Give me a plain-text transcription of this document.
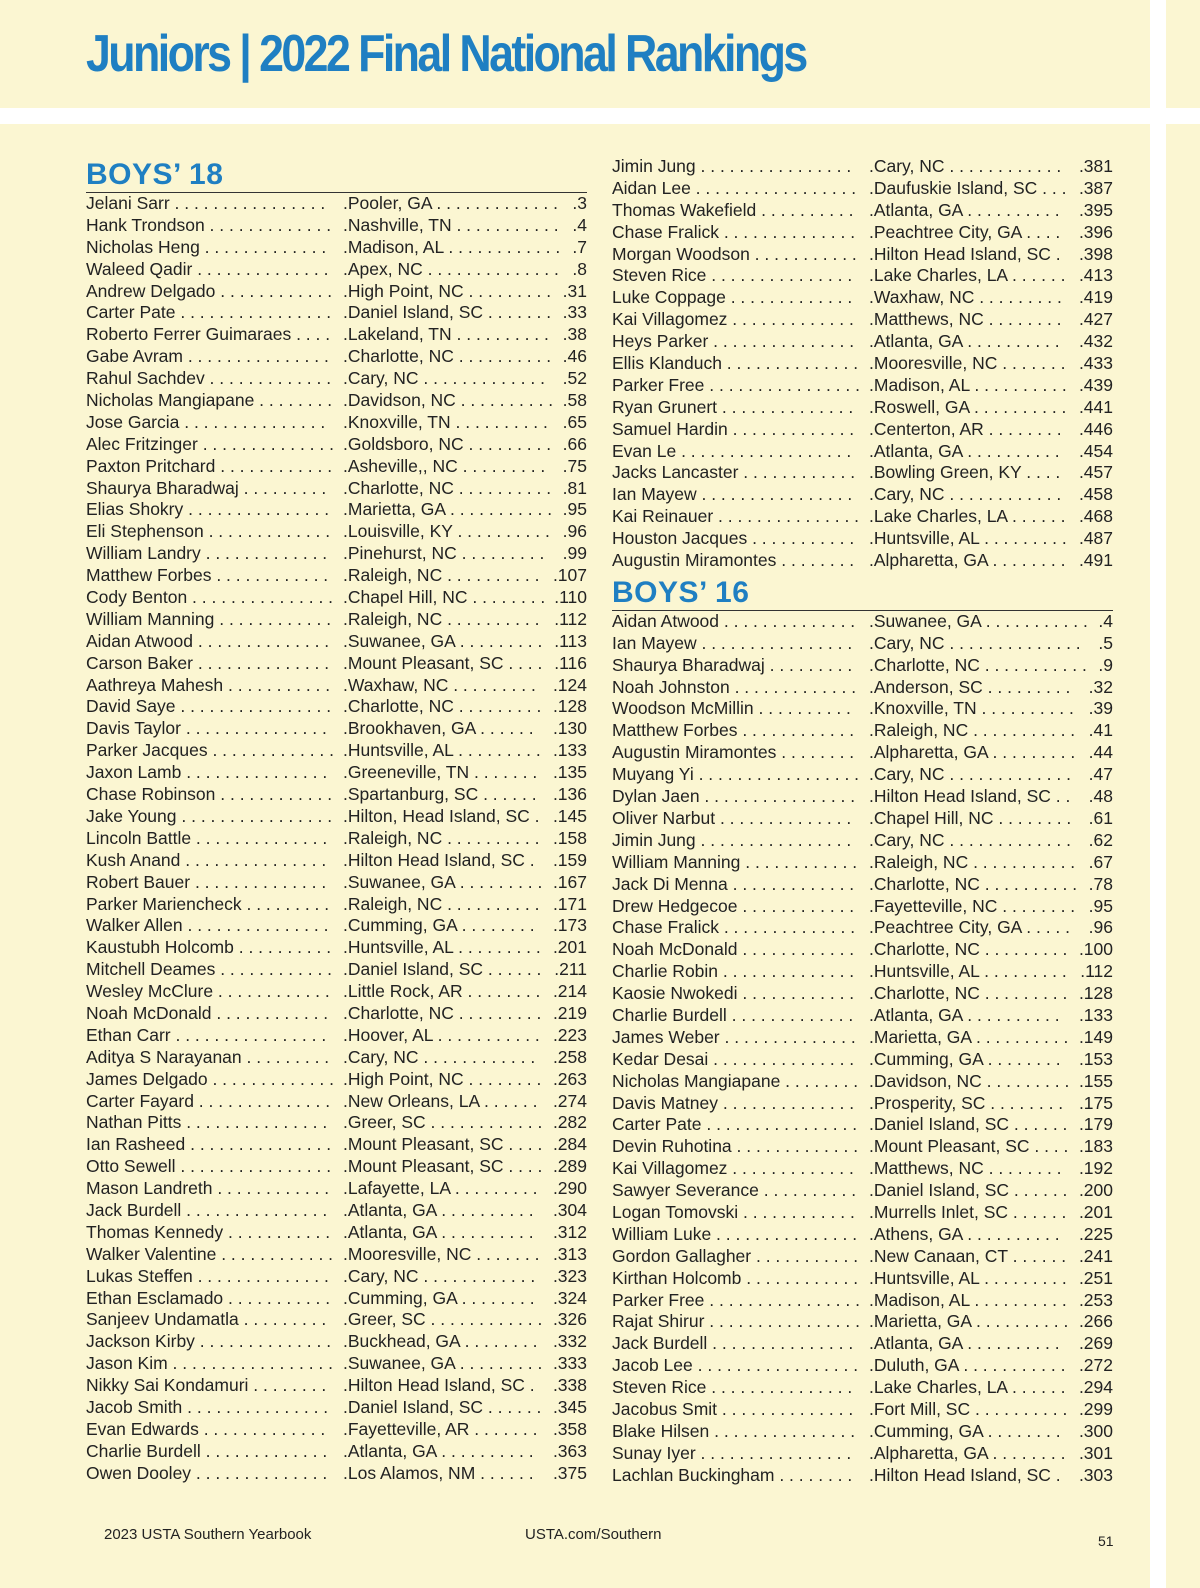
Juniors | 2022 Final National Rankings
BOYS’ 18
Jelani Sarr . . . . . . . . . . . . . . . .	.Pooler, GA . . . . . . . . . . . . . .3
Hank Trondson . . . . . . . . . . . . . .Nashville, TN . . . . . . . . . . . .4
Nicholas Heng . . . . . . . . . . . . . .Madison, AL . . . . . . . . . . . . .7
Waleed Qadir . . . . . . . . . . . . . . .Apex, NC . . . . . . . . . . . . . . .8
Andrew Delgado . . . . . . . . . . . . .High Point, NC . . . . . . . . . .31
Carter Pate . . . . . . . . . . . . . . . . .Daniel Island, SC . . . . . . . .33
Roberto Ferrer Guimaraes . . . . .Lakeland, TN . . . . . . . . . . .38
Gabe Avram . . . . . . . . . . . . . . . .Charlotte, NC . . . . . . . . . . .46
Rahul Sachdev . . . . . . . . . . . . . .Cary, NC . . . . . . . . . . . . .	.52
Nicholas Mangiapane . . . . . . . . .Davidson, NC . . . . . . . . . . .58
Jose Garcia . . . . . . . . . . . . . . .	.Knoxville, TN . . . . . . . . . . .65
Alec Fritzinger . . . . . . . . . . . . . . .Goldsboro, NC . . . . . . . . . .66
Paxton Pritchard . . . . . . . . . . . . .Asheville,, NC . . . . . . . . . .75
Shaurya Bharadwaj . . . . . . . . . .Charlotte, NC . . . . . . . . . . .81
Elias Shokry . . . . . . . . . . . . . . . .Marietta, GA . . . . . . . . . . . .95
Eli Stephenson . . . . . . . . . . . . . .Louisville, KY . . . . . . . . . . .96
William Landry . . . . . . . . . . . . . .Pinehurst, NC . . . . . . . . .	.99
Matthew Forbes . . . . . . . . . . . . .Raleigh, NC . . . . . . . . . . .107
Cody Benton . . . . . . . . . . . . . . . .Chapel Hill, NC . . . . . . . . .110
William Manning . . . . . . . . . . . . .Raleigh, NC . . . . . . . . . . .112
Aidan Atwood . . . . . . . . . . . . . . .Suwanee, GA . . . . . . . . . .113
Carson Baker . . . . . . . . . . . . . . .Mount Pleasant, SC . . . . .116
Aathreya Mahesh . . . . . . . . . . . .Waxhaw, NC . . . . . . . . . .124
David Saye . . . . . . . . . . . . . . . . .Charlotte, NC . . . . . . . . . .128
Davis Taylor . . . . . . . . . . . . . . . .Brookhaven, GA . . . . . .	.130
Parker Jacques . . . . . . . . . . . . . .Huntsville, AL . . . . . . . . . .133
Jaxon Lamb . . . . . . . . . . . . . . . .Greeneville, TN . . . . . . . .135
Chase Robinson . . . . . . . . . . . . .Spartanburg, SC . . . . . . .136
Jake Young . . . . . . . . . . . . . . . . .Hilton, Head Island, SC . .145
Lincoln Battle . . . . . . . . . . . . . . .Raleigh, NC . . . . . . . . . . .158
Kush Anand . . . . . . . . . . . . . . . .Hilton Head Island, SC .	.159
Robert Bauer . . . . . . . . . . . . . . .Suwanee, GA . . . . . . . . . .167
Parker Mariencheck . . . . . . . . . .Raleigh, NC . . . . . . . . . . .171
Walker Allen . . . . . . . . . . . . . . . .Cumming, GA . . . . . . . .	.173
Kaustubh Holcomb . . . . . . . . . . .Huntsville, AL . . . . . . . . . .201
Mitchell Deames . . . . . . . . . . . . .Daniel Island, SC . . . . . . .211
Wesley McClure . . . . . . . . . . . . .Little Rock, AR . . . . . . . . .214
Noah McDonald . . . . . . . . . . . . .Charlotte, NC . . . . . . . . . .219
Ethan Carr . . . . . . . . . . . . . . . . .Hoover, AL . . . . . . . . . . . .223
Aditya S Narayanan . . . . . . . . . .Cary, NC . . . . . . . . . . . .	.258
James Delgado . . . . . . . . . . . . . .High Point, NC . . . . . . . . .263
Carter Fayard . . . . . . . . . . . . . . .New Orleans, LA . . . . . . .274
Nathan Pitts . . . . . . . . . . . . . . . .Greer, SC . . . . . . . . . . . . .282
Ian Rasheed . . . . . . . . . . . . . . . .Mount Pleasant, SC . . . . .284
Otto Sewell . . . . . . . . . . . . . . . . .Mount Pleasant, SC . . . . .289
Mason Landreth . . . . . . . . . . . . .Lafayette, LA . . . . . . . . . .290
Jack Burdell . . . . . . . . . . . . . . . .Atlanta, GA . . . . . . . . . .	.304
Thomas Kennedy . . . . . . . . . . . .Atlanta, GA . . . . . . . . . .	.312
Walker Valentine . . . . . . . . . . . . .Mooresville, NC . . . . . . . .313
Lukas Steffen . . . . . . . . . . . . . . .Cary, NC . . . . . . . . . . . .	.323
Ethan Esclamado . . . . . . . . . . . .Cumming, GA . . . . . . . .	.324
Sanjeev Undamatla . . . . . . . . . .Greer, SC . . . . . . . . . . . . .326
Jackson Kirby . . . . . . . . . . . . . . .Buckhead, GA . . . . . . . . .332
Jason Kim . . . . . . . . . . . . . . . . . .Suwanee, GA . . . . . . . . . .333
Nikky Sai Kondamuri . . . . . . . . .Hilton Head Island, SC .	.338
Jacob Smith . . . . . . . . . . . . . . . .Daniel Island, SC . . . . . . .345
Evan Edwards . . . . . . . . . . . . .	.Fayetteville, AR . . . . . . . .358
Charlie Burdell . . . . . . . . . . . . . .Atlanta, GA . . . . . . . . . .	.363
Owen Dooley . . . . . . . . . . . . . . .Los Alamos, NM . . . . . .	.375
Jimin Jung . . . . . . . . . . . . . . . .	.Cary, NC . . . . . . . . . . . .	.381
Aidan Lee . . . . . . . . . . . . . . . . . .Daufuskie Island, SC . . . .387
Thomas Wakefield . . . . . . . . . . .Atlanta, GA . . . . . . . . . .	.395
Chase Fralick . . . . . . . . . . . . . . .Peachtree City, GA . . . .	.396
Morgan Woodson . . . . . . . . . . . .Hilton Head Island, SC .	.398
Steven Rice . . . . . . . . . . . . . . . .Lake Charles, LA . . . . . . .413
Luke Coppage . . . . . . . . . . . . . .Waxhaw, NC . . . . . . . . . .419
Kai Villagomez . . . . . . . . . . . . . .Matthews, NC . . . . . . . . .427
Heys Parker . . . . . . . . . . . . . . . .Atlanta, GA . . . . . . . . . .	.432
Ellis Klanduch . . . . . . . . . . . . . . .Mooresville, NC . . . . . . . .433
Parker Free . . . . . . . . . . . . . . . . .Madison, AL . . . . . . . . . . .439
Ryan Grunert . . . . . . . . . . . . . . .Roswell, GA . . . . . . . . . . .441
Samuel Hardin . . . . . . . . . . . . . .Centerton, AR . . . . . . . . .446
Evan Le . . . . . . . . . . . . . . . . . .	.Atlanta, GA . . . . . . . . . .	.454
Jacks Lancaster . . . . . . . . . . . . .Bowling Green, KY . . . .	.457
Ian Mayew . . . . . . . . . . . . . . . . .Cary, NC . . . . . . . . . . . .	.458
Kai Reinauer . . . . . . . . . . . . . . . .Lake Charles, LA . . . . . . .468
Houston Jacques . . . . . . . . . . . .Huntsville, AL . . . . . . . . . .487
Augustin Miramontes . . . . . . . . .Alpharetta, GA . . . . . . . . .491
BOYS’ 16
Aidan Atwood . . . . . . . . . . . . . . .Suwanee, GA . . . . . . . . . . . .4
Ian Mayew . . . . . . . . . . . . . . . . .Cary, NC . . . . . . . . . . . . . .	.5
Shaurya Bharadwaj . . . . . . . . . .Charlotte, NC . . . . . . . . . . . .9
Noah Johnston . . . . . . . . . . . . . .Anderson, SC . . . . . . . . .	.32
Woodson McMillin . . . . . . . . . .	.Knoxville, TN . . . . . . . . . . .39
Matthew Forbes . . . . . . . . . . . . .Raleigh, NC . . . . . . . . . . . .41
Augustin Miramontes . . . . . . . . .Alpharetta, GA . . . . . . . . . .44
Muyang Yi . . . . . . . . . . . . . . . . . .Cary, NC . . . . . . . . . . . . .	.47
Dylan Jaen . . . . . . . . . . . . . . . . .Hilton Head Island, SC . .	.48
Oliver Narbut . . . . . . . . . . . . . .	.Chapel Hill, NC . . . . . . . . .61
Jimin Jung . . . . . . . . . . . . . . . .	.Cary, NC . . . . . . . . . . . . .	.62
William Manning . . . . . . . . . . . . .Raleigh, NC . . . . . . . . . . . .67
Jack Di Menna . . . . . . . . . . . . . .Charlotte, NC . . . . . . . . . . .78
Drew Hedgecoe . . . . . . . . . . . . .Fayetteville, NC . . . . . . . . .95
Chase Fralick . . . . . . . . . . . . . . .Peachtree City, GA . . . . .	.96
Noah McDonald . . . . . . . . . . . . .Charlotte, NC . . . . . . . . . .100
Charlie Robin . . . . . . . . . . . . . . .Huntsville, AL . . . . . . . . . .112
Kaosie Nwokedi . . . . . . . . . . . . .Charlotte, NC . . . . . . . . . .128
Charlie Burdell . . . . . . . . . . . . . .Atlanta, GA . . . . . . . . . .	.133
James Weber . . . . . . . . . . . . . . .Marietta, GA . . . . . . . . . . .149
Kedar Desai . . . . . . . . . . . . . . . .Cumming, GA . . . . . . . .	.153
Nicholas Mangiapane . . . . . . . . .Davidson, NC . . . . . . . . . .155
Davis Matney . . . . . . . . . . . . . . .Prosperity, SC . . . . . . . . .175
Carter Pate . . . . . . . . . . . . . . . . .Daniel Island, SC . . . . . . .179
Devin Ruhotina . . . . . . . . . . . . . .Mount Pleasant, SC . . . . .183
Kai Villagomez . . . . . . . . . . . . . .Matthews, NC . . . . . . . . .192
Sawyer Severance . . . . . . . . . . .Daniel Island, SC . . . . . . .200
Logan Tomovski . . . . . . . . . . . . .Murrells Inlet, SC . . . . . . .201
William Luke . . . . . . . . . . . . . . . .Athens, GA . . . . . . . . . .	.225
Gordon Gallagher . . . . . . . . . . . .New Canaan, CT . . . . . . .241
Kirthan Holcomb . . . . . . . . . . . . .Huntsville, AL . . . . . . . . . .251
Parker Free . . . . . . . . . . . . . . . . .Madison, AL . . . . . . . . . . .253
Rajat Shirur . . . . . . . . . . . . . . . . .Marietta, GA . . . . . . . . . . .266
Jack Burdell . . . . . . . . . . . . . . . .Atlanta, GA . . . . . . . . . .	.269
Jacob Lee . . . . . . . . . . . . . . . . . .Duluth, GA . . . . . . . . . . . .272
Steven Rice . . . . . . . . . . . . . . . .Lake Charles, LA . . . . . . .294
Jacobus Smit . . . . . . . . . . . . . . .Fort Mill, SC . . . . . . . . . . .299
Blake Hilsen . . . . . . . . . . . . . . . .Cumming, GA . . . . . . . .	.300
Sunay Iyer . . . . . . . . . . . . . . . .	.Alpharetta, GA . . . . . . . . .301
Lachlan Buckingham . . . . . . . . .Hilton Head Island, SC .	.303
2023 USTA Southern Yearbook	USTA.com/Southern	51
